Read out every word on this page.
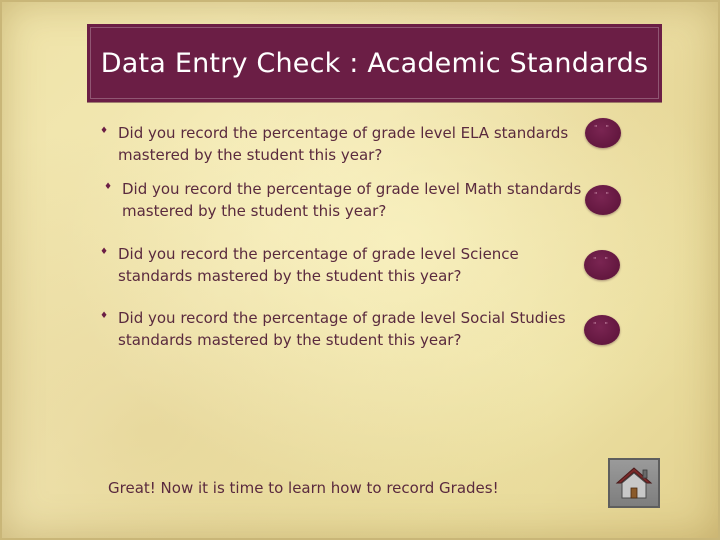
Data Entry Check : Academic Standards
♦ Did you record the percentage of grade level ELA standards mastered by the student this year?
♦ Did you record the percentage of grade level Math standards mastered by the student this year?
♦ Did you record the percentage of grade level Science standards mastered by the student this year?
♦ Did you record the percentage of grade level Social Studies standards mastered by the student this year?
" "
" "
" "
" "
Great! Now it is time to learn how to record Grades!
